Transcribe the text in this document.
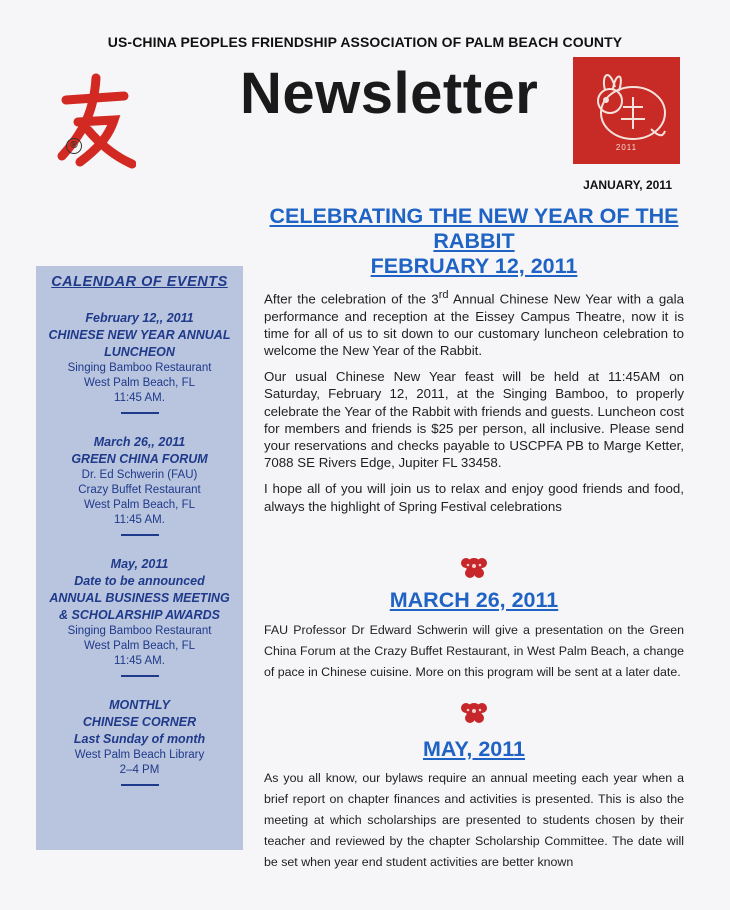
US-CHINA PEOPLES FRIENDSHIP ASSOCIATION OF PALM BEACH COUNTY
®
Newsletter
2011
JANUARY, 2011
CALENDAR OF EVENTS
February 12,, 2011
CHINESE NEW YEAR ANNUAL
LUNCHEON
Singing Bamboo Restaurant
West Palm Beach, FL
11:45 AM.
March 26,, 2011
GREEN CHINA FORUM
Dr. Ed Schwerin (FAU)
Crazy Buffet Restaurant
West Palm Beach, FL
11:45 AM.
May, 2011
Date to be announced
ANNUAL BUSINESS MEETING
& SCHOLARSHIP AWARDS
Singing Bamboo Restaurant
West Palm Beach, FL
11:45 AM.
MONTHLY
CHINESE CORNER
Last Sunday of month
West Palm Beach Library
2–4 PM
CELEBRATING THE NEW YEAR OF THE
RABBIT
FEBRUARY 12, 2011

After the celebration of the 3rd Annual Chinese New Year with a gala performance and reception at the Eissey Campus Theatre, now it is time for all of us to sit down to our customary luncheon celebration to welcome the New Year of the Rabbit.

Our usual Chinese New Year feast will be held at 11:45AM on Saturday, February 12, 2011, at the Singing Bamboo, to properly celebrate the Year of the Rabbit with friends and guests. Luncheon cost for members and friends is $25 per person, all inclusive. Please send your reservations and checks payable to USCPFA PB to Marge Ketter, 7088 SE Rivers Edge, Jupiter FL 33458.

I hope all of you will join us to relax and enjoy good friends and food, always the highlight of Spring Festival celebrations

MARCH 26, 2011

FAU Professor Dr Edward Schwerin will give a presentation on the Green China Forum at the Crazy Buffet Restaurant, in West Palm Beach, a change of pace in Chinese cuisine. More on this program will be sent at a later date.

MAY, 2011

As you all know, our bylaws require an annual meeting each year when a brief report on chapter finances and activities is presented. This is also the meeting at which scholarships are presented to students chosen by their teacher and reviewed by the chapter Scholarship Committee. The date will be set when year end student activities are better known
